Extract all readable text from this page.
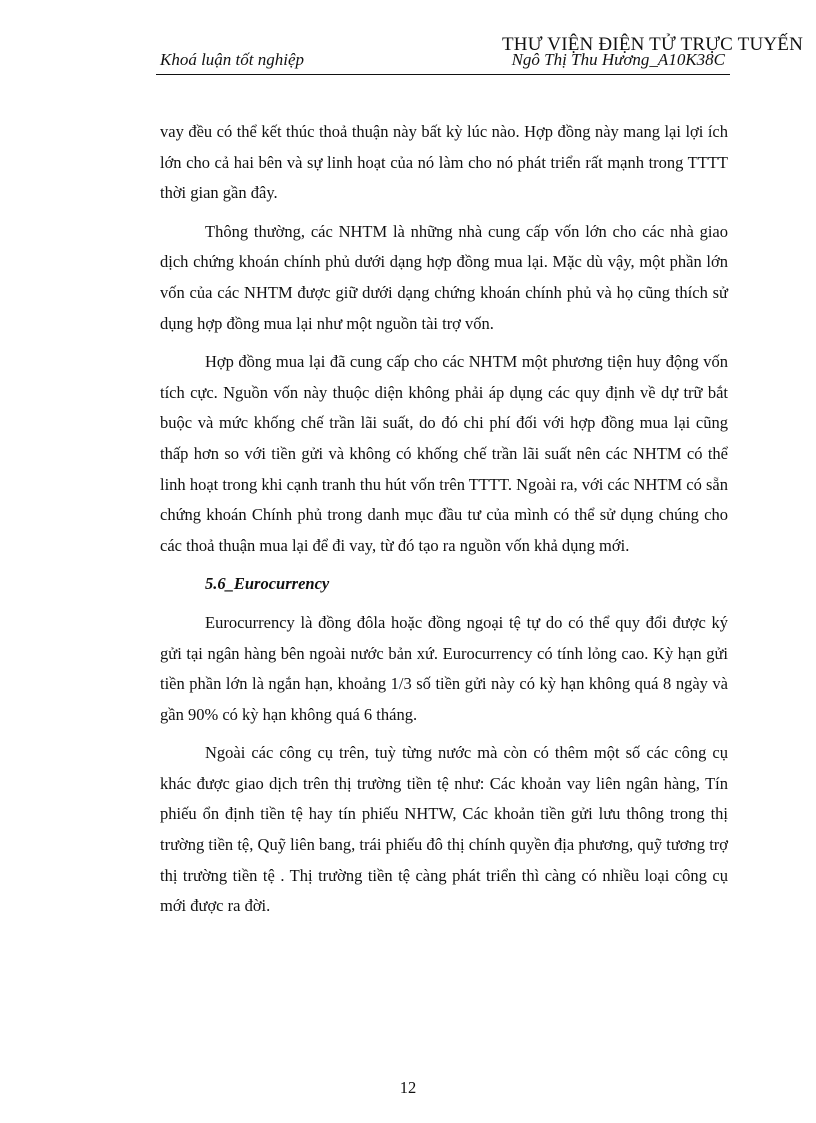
THƯ VIỆN ĐIỆN TỬ TRỰC TUYẾN
Khoá luận tốt nghiệp	Ngô Thị Thu Hương_A10K38C

vay đều có thể kết thúc thoả thuận này bất kỳ lúc nào. Hợp đồng này mang lại lợi ích lớn cho cả hai bên và sự linh hoạt của nó làm cho nó phát triển rất mạnh trong TTTT thời gian gần đây.

Thông thường, các NHTM là những nhà cung cấp vốn lớn cho các nhà giao dịch chứng khoán chính phủ dưới dạng hợp đồng mua lại. Mặc dù vậy, một phần lớn vốn của các NHTM được giữ dưới dạng chứng khoán chính phủ và họ cũng thích sử dụng hợp đồng mua lại như một nguồn tài trợ vốn.

Hợp đồng mua lại đã cung cấp cho các NHTM một phương tiện huy động vốn tích cực. Nguồn vốn này thuộc diện không phải áp dụng các quy định về dự trữ bắt buộc và mức khống chế trần lãi suất, do đó chi phí đối với hợp đồng mua lại cũng thấp hơn so với tiền gửi và không có khống chế trần lãi suất nên các NHTM có thể linh hoạt trong khi cạnh tranh thu hút vốn trên TTTT. Ngoài ra, với các NHTM có sẵn chứng khoán Chính phủ trong danh mục đầu tư của mình có thể sử dụng chúng cho các thoả thuận mua lại để đi vay, từ đó tạo ra nguồn vốn khả dụng mới.

5.6_Eurocurrency

Eurocurrency là đồng đôla hoặc đồng ngoại tệ tự do có thể quy đổi được ký gửi tại ngân hàng bên ngoài nước bản xứ. Eurocurrency có tính lỏng cao. Kỳ hạn gửi tiền phần lớn là ngắn hạn, khoảng 1/3 số tiền gửi này có kỳ hạn không quá 8 ngày và gần 90% có kỳ hạn không quá 6 tháng.

Ngoài các công cụ trên, tuỳ từng nước mà còn có thêm một số các công cụ khác được giao dịch trên thị trường tiền tệ như: Các khoản vay liên ngân hàng, Tín phiếu ổn định tiền tệ hay tín phiếu NHTW, Các khoản tiền gửi lưu thông trong thị trường tiền tệ, Quỹ liên bang, trái phiếu đô thị chính quyền địa phương, quỹ tương trợ thị trường tiền tệ . Thị trường tiền tệ càng phát triển thì càng có nhiều loại công cụ mới được ra đời.

12
